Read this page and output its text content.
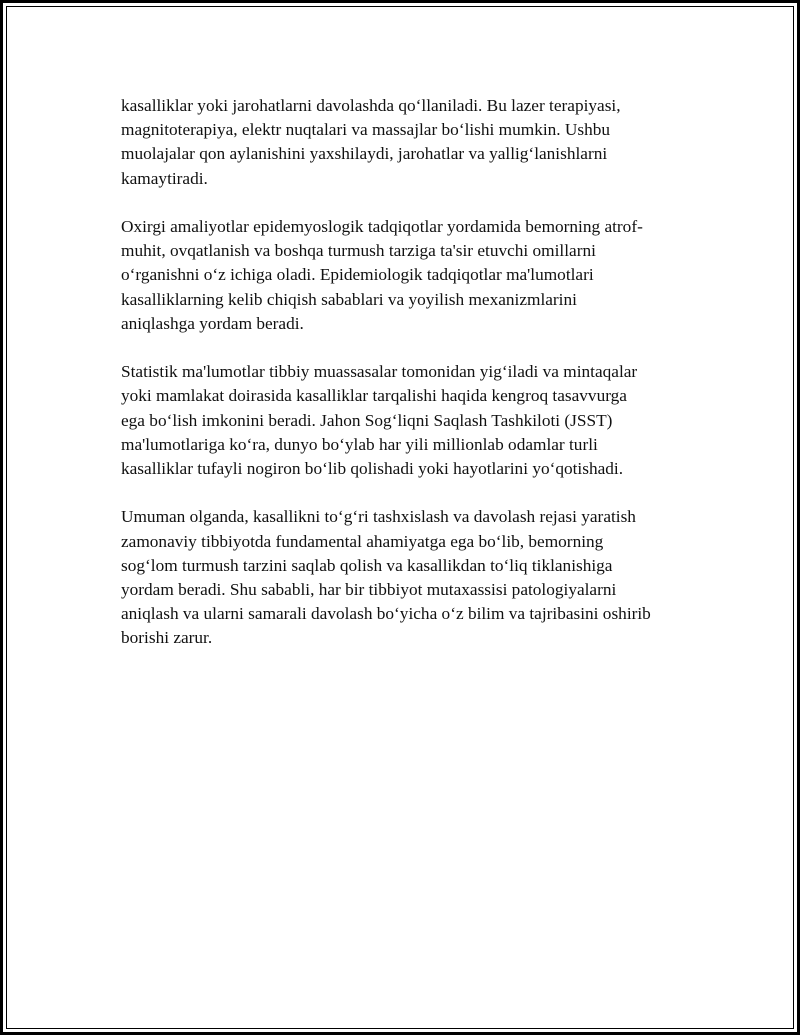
kasalliklar yoki jarohatlarni davolashda qo‘llaniladi. Bu lazer terapiyasi,
magnitoterapiya, elektr nuqtalari va massajlar bo‘lishi mumkin. Ushbu
muolajalar qon aylanishini yaxshilaydi, jarohatlar va yallig‘lanishlarni
kamaytiradi.

Oxirgi amaliyotlar epidemyoslogik tadqiqotlar yordamida bemorning atrof-
muhit, ovqatlanish va boshqa turmush tarziga ta'sir etuvchi omillarni
o‘rganishni o‘z ichiga oladi. Epidemiologik tadqiqotlar ma'lumotlari
kasalliklarning kelib chiqish sabablari va yoyilish mexanizmlarini
aniqlashga yordam beradi.

Statistik ma'lumotlar tibbiy muassasalar tomonidan yig‘iladi va mintaqalar
yoki mamlakat doirasida kasalliklar tarqalishi haqida kengroq tasavvurga
ega bo‘lish imkonini beradi. Jahon Sog‘liqni Saqlash Tashkiloti (JSST)
ma'lumotlariga ko‘ra, dunyo bo‘ylab har yili millionlab odamlar turli
kasalliklar tufayli nogiron bo‘lib qolishadi yoki hayotlarini yo‘qotishadi.

Umuman olganda, kasallikni to‘g‘ri tashxislash va davolash rejasi yaratish
zamonaviy tibbiyotda fundamental ahamiyatga ega bo‘lib, bemorning
sog‘lom turmush tarzini saqlab qolish va kasallikdan to‘liq tiklanishiga
yordam beradi. Shu sababli, har bir tibbiyot mutaxassisi patologiyalarni
aniqlash va ularni samarali davolash bo‘yicha o‘z bilim va tajribasini oshirib
borishi zarur.
